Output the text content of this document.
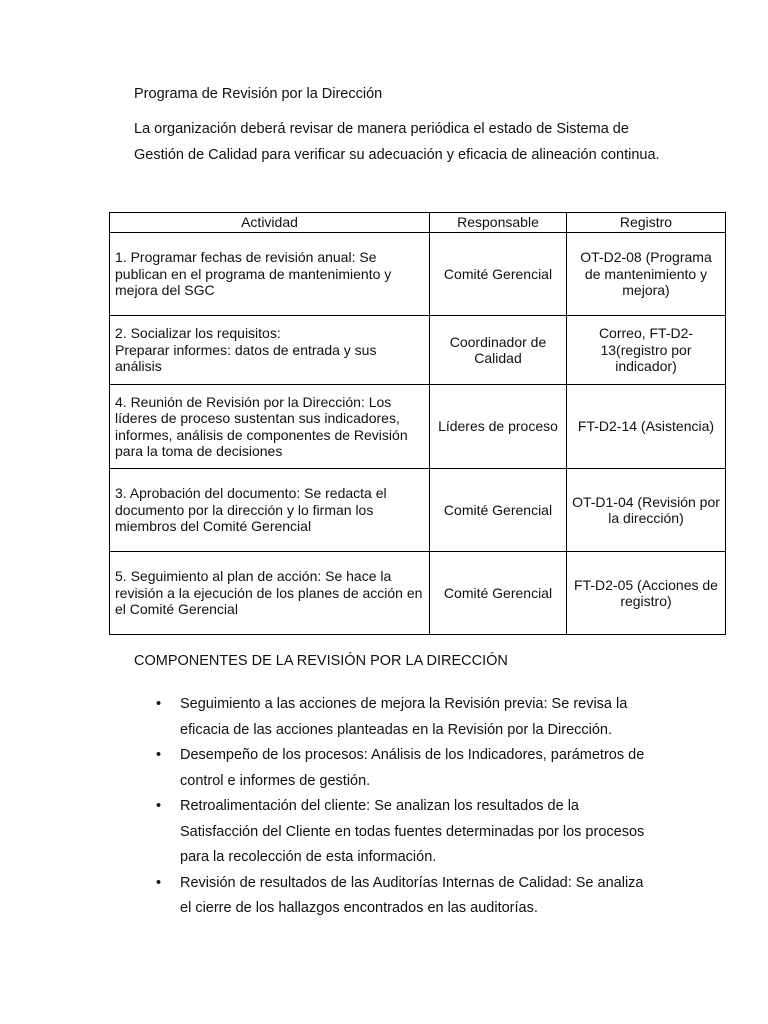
Programa de Revisión por la Dirección

La organización deberá revisar de manera periódica el estado de Sistema de Gestión de Calidad para verificar su adecuación y eficacia de alineación continua.

Actividad	Responsable	Registro
1. Programar fechas de revisión anual: Se publican en el programa de mantenimiento y mejora del SGC	Comité Gerencial	OT-D2-08 (Programa de mantenimiento y mejora)
2. Socializar los requisitos:
Preparar informes: datos de entrada y sus análisis	Coordinador de Calidad	Correo, FT-D2-13(registro por indicador)
4. Reunión de Revisión por la Dirección: Los líderes de proceso sustentan sus indicadores, informes, análisis de componentes de Revisión para la toma de decisiones	Líderes de proceso	FT-D2-14 (Asistencia)
3. Aprobación del documento: Se redacta el documento por la dirección y lo firman los miembros del Comité Gerencial	Comité Gerencial	OT-D1-04 (Revisión por la dirección)
5. Seguimiento al plan de acción: Se hace la revisión a la ejecución de los planes de acción en el Comité Gerencial	Comité Gerencial	FT-D2-05 (Acciones de registro)
COMPONENTES DE LA REVISIÓN POR LA DIRECCIÓN
• Seguimiento a las acciones de mejora la Revisión previa: Se revisa la eficacia de las acciones planteadas en la Revisión por la Dirección.
• Desempeño de los procesos: Análisis de los Indicadores, parámetros de control e informes de gestión.
• Retroalimentación del cliente: Se analizan los resultados de la Satisfacción del Cliente en todas fuentes determinadas por los procesos para la recolección de esta información.
• Revisión de resultados de las Auditorías Internas de Calidad: Se analiza el cierre de los hallazgos encontrados en las auditorías.
